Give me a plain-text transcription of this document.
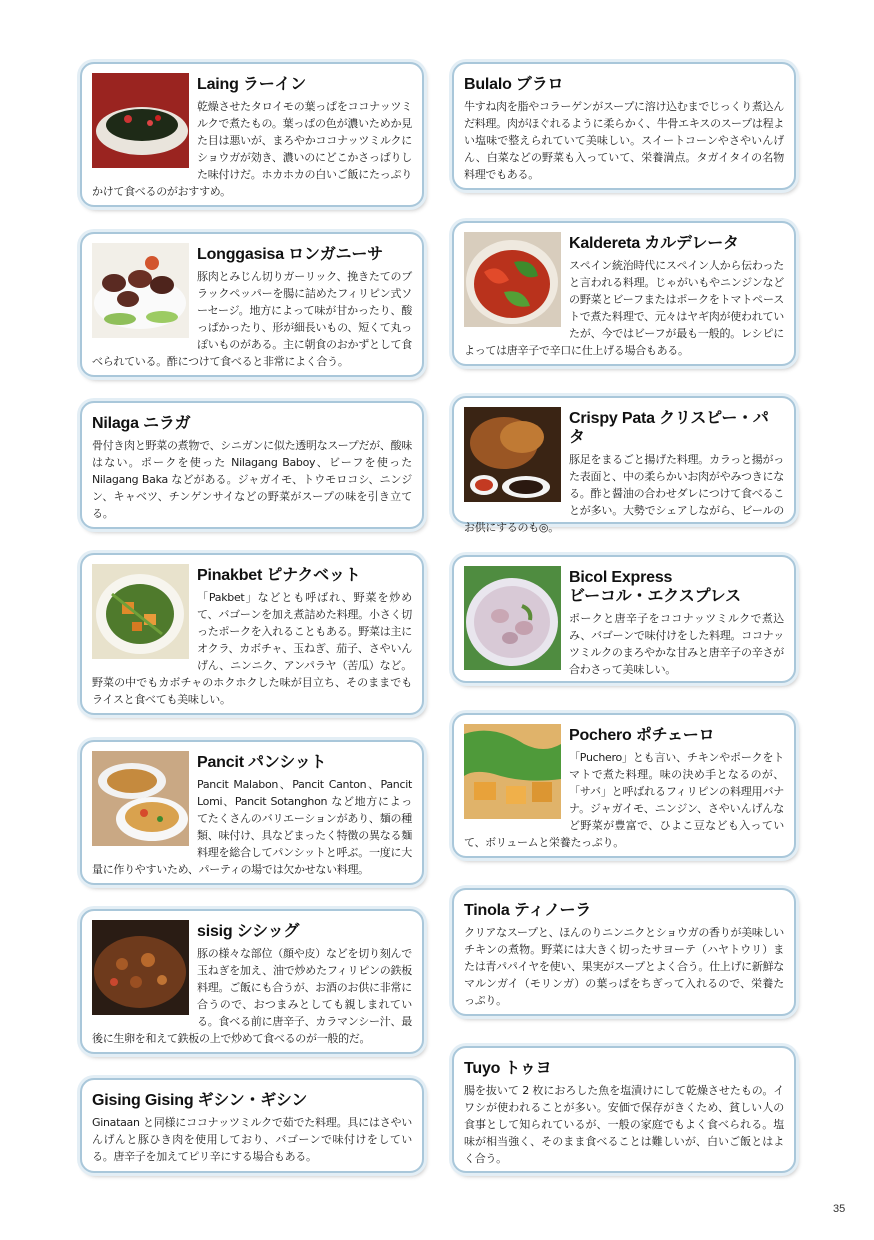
Laing ラーイン

乾燥させたタロイモの葉っぱをココナッツミルクで煮たもの。葉っぱの色が濃いためか見た目は悪いが、まろやかココナッツミルクにショウガが効き、濃いのにどこかさっぱりした味付けだ。ホカホカの白いご飯にたっぷりかけて食べるのがおすすめ。

Longgasisa ロンガニーサ

豚肉とみじん切りガーリック、挽きたてのブラックペッパーを腸に詰めたフィリピン式ソーセージ。地方によって味が甘かったり、酸っぱかったり、形が細長いもの、短くて丸っぽいものがある。主に朝食のおかずとして食べられている。酢につけて食べると非常によく合う。

Nilaga ニラガ

骨付き肉と野菜の煮物で、シニガンに似た透明なスープだが、酸味はない。ポークを使った Nilagang Baboy、ビーフを使った Nilagang Baka などがある。ジャガイモ、トウモロコシ、ニンジン、キャベツ、チンゲンサイなどの野菜がスープの味を引き立てる。

Pinakbet ピナクベット

「Pakbet」などとも呼ばれ、野菜を炒めて、バゴーンを加え煮詰めた料理。小さく切ったポークを入れることもある。野菜は主にオクラ、カボチャ、玉ねぎ、茄子、さやいんげん、ニンニク、アンパラヤ（苦瓜）など。野菜の中でもカボチャのホクホクした味が目立ち、そのままでもライスと食べても美味しい。

Pancit パンシット

Pancit Malabon、Pancit Canton、Pancit Lomi、Pancit Sotanghon など地方によってたくさんのバリエーションがあり、麺の種類、味付け、具などまったく特徴の異なる麺料理を総合してパンシットと呼ぶ。一度に大量に作りやすいため、パーティの場では欠かせない料理。

sisig シシッグ

豚の様々な部位（顔や皮）などを切り刻んで玉ねぎを加え、油で炒めたフィリピンの鉄板料理。ご飯にも合うが、お酒のお供に非常に合うので、おつまみとしても親しまれている。食べる前に唐辛子、カラマンシー汁、最後に生卵を和えて鉄板の上で炒めて食べるのが一般的だ。

Gising Gising ギシン・ギシン

Ginataan と同様にココナッツミルクで茹でた料理。具にはさやいんげんと豚ひき肉を使用しており、バゴーンで味付けをしている。唐辛子を加えてピリ辛にする場合もある。

Bulalo ブラロ

牛すね肉を脂やコラーゲンがスープに溶け込むまでじっくり煮込んだ料理。肉がほぐれるように柔らかく、牛骨エキスのスープは程よい塩味で整えられていて美味しい。スイートコーンやさやいんげん、白菜などの野菜も入っていて、栄養満点。タガイタイの名物料理でもある。

Kaldereta カルデレータ

スペイン統治時代にスペイン人から伝わったと言われる料理。じゃがいもやニンジンなどの野菜とビーフまたはポークをトマトペーストで煮た料理で、元々はヤギ肉が使われていたが、今ではビーフが最も一般的。レシピによっては唐辛子で辛口に仕上げる場合もある。

Crispy Pata クリスピー・パタ

豚足をまるごと揚げた料理。カラっと揚がった表面と、中の柔らかいお肉がやみつきになる。酢と醤油の合わせダレにつけて食べることが多い。大勢でシェアしながら、ビールのお供にするのも◎。

Bicol Express
ビーコル・エクスプレス

ポークと唐辛子をココナッツミルクで煮込み、バゴーンで味付けをした料理。ココナッツミルクのまろやかな甘みと唐辛子の辛さが合わさって美味しい。

Pochero ポチェーロ

「Puchero」とも言い、チキンやポークをトマトで煮た料理。味の決め手となるのが、「サバ」と呼ばれるフィリピンの料理用バナナ。ジャガイモ、ニンジン、さやいんげんなど野菜が豊富で、ひよこ豆なども入っていて、ボリュームと栄養たっぷり。

Tinola ティノーラ

クリアなスープと、ほんのりニンニクとショウガの香りが美味しいチキンの煮物。野菜には大きく切ったサヨーテ（ハヤトウリ）または青パパイヤを使い、果実がスープとよく合う。仕上げに新鮮なマルンガイ（モリンガ）の葉っぱをちぎって入れるので、栄養たっぷり。

Tuyo トゥヨ

腸を抜いて 2 枚におろした魚を塩漬けにして乾燥させたもの。イワシが使われることが多い。安価で保存がきくため、貧しい人の食事として知られているが、一般の家庭でもよく食べられる。塩味が相当強く、そのまま食べることは難しいが、白いご飯とはよく合う。

35
